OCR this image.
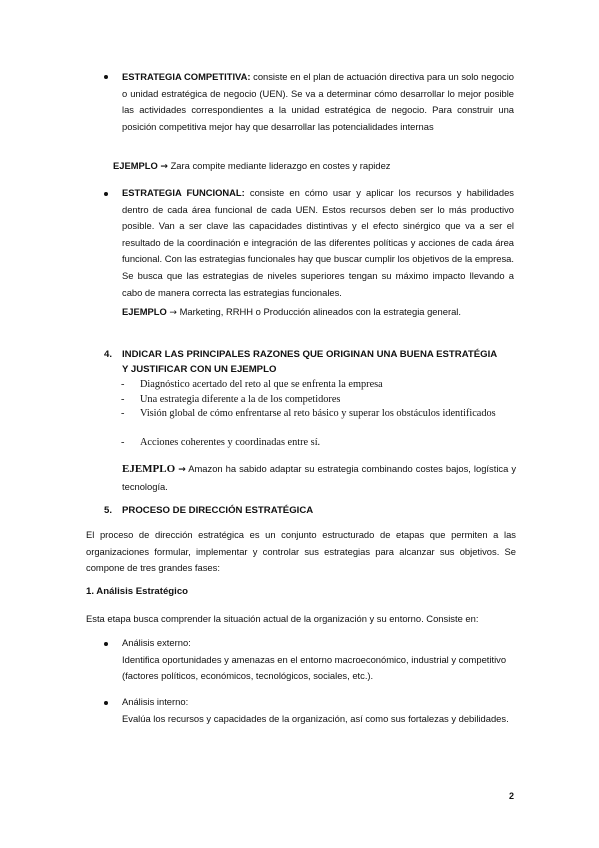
ESTRATEGIA COMPETITIVA: consiste en el plan de actuación directiva para un solo negocio o unidad estratégica de negocio (UEN). Se va a determinar cómo desarrollar lo mejor posible las actividades correspondientes a la unidad estratégica de negocio. Para construir una posición competitiva mejor hay que desarrollar las potencialidades internas

EJEMPLO → Zara compite mediante liderazgo en costes y rapidez

ESTRATEGIA FUNCIONAL: consiste en cómo usar y aplicar los recursos y habilidades dentro de cada área funcional de cada UEN. Estos recursos deben ser lo más productivo posible. Van a ser clave las capacidades distintivas y el efecto sinérgico que va a ser el resultado de la coordinación e integración de las diferentes políticas y acciones de cada área funcional. Con las estrategias funcionales hay que buscar cumplir los objetivos de la empresa. Se busca que las estrategias de niveles superiores tengan su máximo impacto llevando a cabo de manera correcta las estrategias funcionales.

EJEMPLO → Marketing, RRHH o Producción alineados con la estrategia general.
4. INDICAR LAS PRINCIPALES RAZONES QUE ORIGINAN UNA BUENA ESTRATÉGIA
Y JUSTIFICAR CON UN EJEMPLO
- Diagnóstico acertado del reto al que se enfrenta la empresa
- Una estrategia diferente a la de los competidores
- Visión global de cómo enfrentarse al reto básico y superar los obstáculos identificados
- Acciones coherentes y coordinadas entre sí.

EJEMPLO → Amazon ha sabido adaptar su estrategia combinando costes bajos, logística y tecnología.

5. PROCESO DE DIRECCIÓN ESTRATÉGICA

El proceso de dirección estratégica es un conjunto estructurado de etapas que permiten a las organizaciones formular, implementar y controlar sus estrategias para alcanzar sus objetivos. Se compone de tres grandes fases:

1. Análisis Estratégico

Esta etapa busca comprender la situación actual de la organización y su entorno. Consiste en:

Análisis externo:
Identifica oportunidades y amenazas en el entorno macroeconómico, industrial y competitivo (factores políticos, económicos, tecnológicos, sociales, etc.).
Análisis interno:
Evalúa los recursos y capacidades de la organización, así como sus fortalezas y debilidades.
2
